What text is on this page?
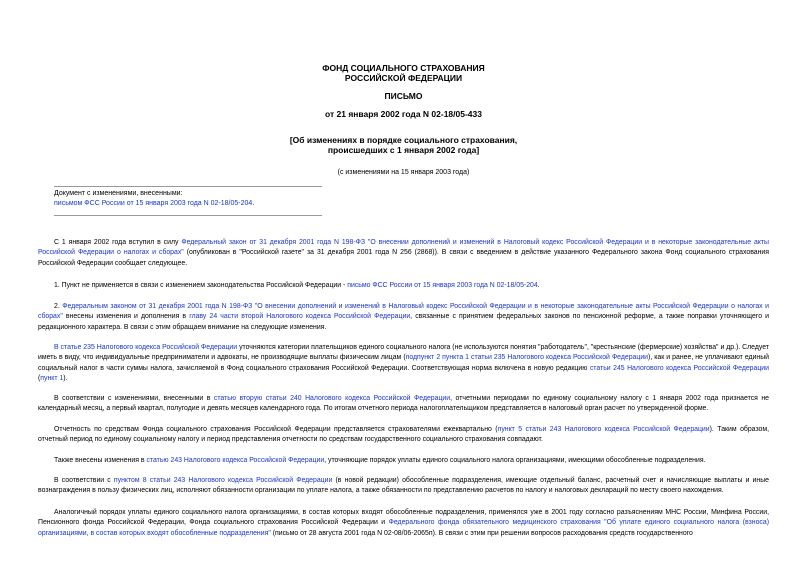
ФОНД СОЦИАЛЬНОГО СТРАХОВАНИЯ
РОССИЙСКОЙ ФЕДЕРАЦИИ
ПИСЬМО
от 21 января 2002 года N 02-18/05-433
[Об изменениях в порядке социального страхования,
происшедших с 1 января 2002 года]
(с изменениями на 15 января 2003 года)
Документ с изменениями, внесенными:
письмом ФСС России от 15 января 2003 года N 02-18/05-204.
С 1 января 2002 года вступил в силу Федеральный закон от 31 декабря 2001 года N 198-ФЗ "О внесении дополнений и изменений в Налоговый кодекс Российской Федерации и в некоторые законодательные акты Российской Федерации о налогах и сборах" (опубликован в "Российской газете" за 31 декабря 2001 года N 256 (2868)). В связи с введением в действие указанного Федерального закона Фонд социального страхования Российской Федерации сообщает следующее.
1. Пункт не применяется в связи с изменением законодательства Российской Федерации - письмо ФСС России от 15 января 2003 года N 02-18/05-204.
2. Федеральным законом от 31 декабря 2001 года N 198-ФЗ "О внесении дополнений и изменений в Налоговый кодекс Российской Федерации и в некоторые законодательные акты Российской Федерации о налогах и сборах" внесены изменения и дополнения в главу 24 части второй Налогового кодекса Российской Федерации, связанные с принятием федеральных законов по пенсионной реформе, а также поправки уточняющего и редакционного характера. В связи с этим обращаем внимание на следующие изменения.
В статье 235 Налогового кодекса Российской Федерации уточняются категории плательщиков единого социального налога (не используются понятия "работодатель", "крестьянские (фермерские) хозяйства" и др.). Следует иметь в виду, что индивидуальные предприниматели и адвокаты, не производящие выплаты физическим лицам (подпункт 2 пункта 1 статьи 235 Налогового кодекса Российской Федерации), как и ранее, не уплачивают единый социальный налог в части суммы налога, зачисляемой в Фонд социального страхования Российской Федерации. Соответствующая норма включена в новую редакцию статьи 245 Налогового кодекса Российской Федерации (пункт 1).
В соответствии с изменениями, внесенными в статью вторую статьи 240 Налогового кодекса Российской Федерации, отчетными периодами по единому социальному налогу с 1 января 2002 года признается не календарный месяц, а первый квартал, полугодие и девять месяцев календарного года. По итогам отчетного периода налогоплательщиком представляется в налоговый орган расчет по утвержденной форме.
Отчетность по средствам Фонда социального страхования Российской Федерации представляется страхователями ежеквартально (пункт 5 статьи 243 Налогового кодекса Российской Федерации). Таким образом, отчетный период по единому социальному налогу и период представления отчетности по средствам государственного социального страхования совпадают.
Также внесены изменения в статью 243 Налогового кодекса Российской Федерации, уточняющие порядок уплаты единого социального налога организациями, имеющими обособленные подразделения.
В соответствии с пунктом 8 статьи 243 Налогового кодекса Российской Федерации (в новой редакции) обособленные подразделения, имеющие отдельный баланс, расчетный счет и начисляющие выплаты и иные вознаграждения в пользу физических лиц, исполняют обязанности организации по уплате налога, а также обязанности по представлению расчетов по налогу и налоговых деклараций по месту своего нахождения.
Аналогичный порядок уплаты единого социального налога организациями, в состав которых входят обособленные подразделения, применялся уже в 2001 году согласно разъяснениям МНС России, Минфина России, Пенсионного фонда Российской Федерации, Фонда социального страхования Российской Федерации и Федерального фонда обязательного медицинского страхования "Об уплате единого социального налога (взноса) организациями, в состав которых входят обособленные подразделения" (письмо от 28 августа 2001 года N 02-08/06-2065п). В связи с этим при решении вопросов расходования средств государственного
